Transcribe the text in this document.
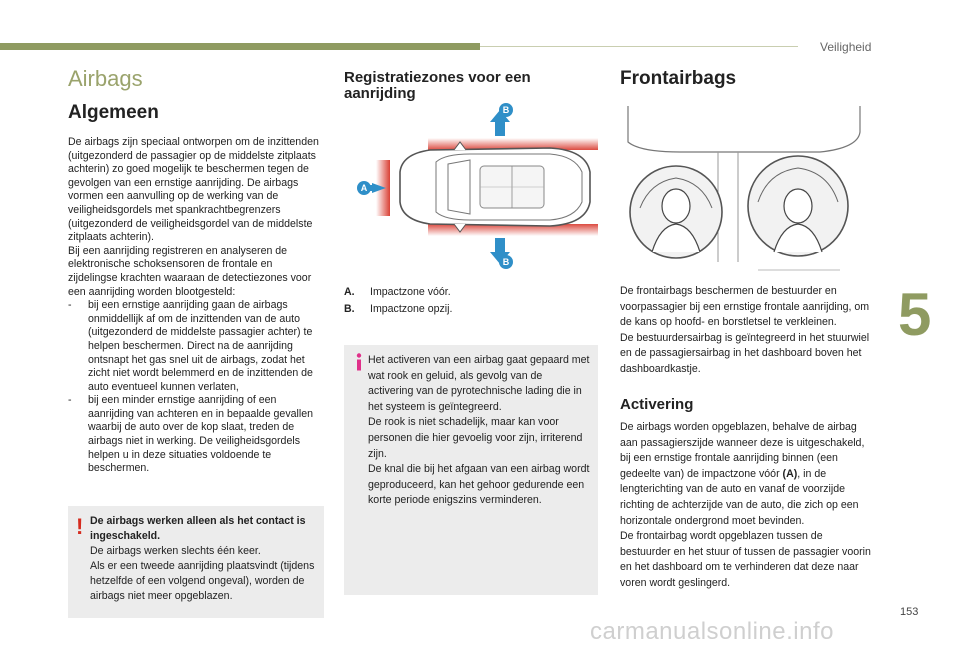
Veiligheid
5
Airbags
Algemeen

De airbags zijn speciaal ontworpen om de inzittenden (uitgezonderd de passagier op de middelste zitplaats achterin) zo goed mogelijk te beschermen tegen de gevolgen van een ernstige aanrijding. De airbags vormen een aanvulling op de werking van de veiligheidsgordels met spankrachtbegrenzers (uitgezonderd de veiligheidsgordel van de middelste zitplaats achterin).

Bij een aanrijding registreren en analyseren de elektronische schoksensoren de frontale en zijdelingse krachten waaraan de detectiezones voor een aanrijding worden blootgesteld:

- bij een ernstige aanrijding gaan de airbags onmiddellijk af om de inzittenden van de auto (uitgezonderd de middelste passagier achter) te helpen beschermen. Direct na de aanrijding ontsnapt het gas snel uit de airbags, zodat het zicht niet wordt belemmerd en de inzittenden de auto eventueel kunnen verlaten,
- bij een minder ernstige aanrijding of een aanrijding van achteren en in bepaalde gevallen waarbij de auto over de kop slaat, treden de airbags niet in werking. De veiligheidsgordels helpen u in deze situaties voldoende te beschermen.
! De airbags werken alleen als het contact is ingeschakeld.

De airbags werken slechts één keer.

Als er een tweede aanrijding plaatsvindt (tijdens hetzelfde of een volgend ongeval), worden de airbags niet meer opgeblazen.

Registratiezones voor een aanrijding
B
B
A
A. Impactzone vóór.
B. Impactzone opzij.

Het activeren van een airbag gaat gepaard met wat rook en geluid, als gevolg van de activering van de pyrotechnische lading die in het systeem is geïntegreerd.

De rook is niet schadelijk, maar kan voor personen die hier gevoelig voor zijn, irriterend zijn.

De knal die bij het afgaan van een airbag wordt geproduceerd, kan het gehoor gedurende een korte periode enigszins verminderen.

Frontairbags

De frontairbags beschermen de bestuurder en voorpassagier bij een ernstige frontale aanrijding, om de kans op hoofd- en borstletsel te verkleinen.

De bestuurdersairbag is geïntegreerd in het stuurwiel en de passagiersairbag in het dashboard boven het dashboardkastje.

Activering

De airbags worden opgeblazen, behalve de airbag aan passagierszijde wanneer deze is uitgeschakeld, bij een ernstige frontale aanrijding binnen (een gedeelte van) de impactzone vóór (A), in de lengterichting van de auto en vanaf de voorzijde richting de achterzijde van de auto, die zich op een horizontale ondergrond moet bevinden.

De frontairbag wordt opgeblazen tussen de bestuurder en het stuur of tussen de passagier voorin en het dashboard om te verhinderen dat deze naar voren wordt geslingerd.

153
carmanualsonline.info
